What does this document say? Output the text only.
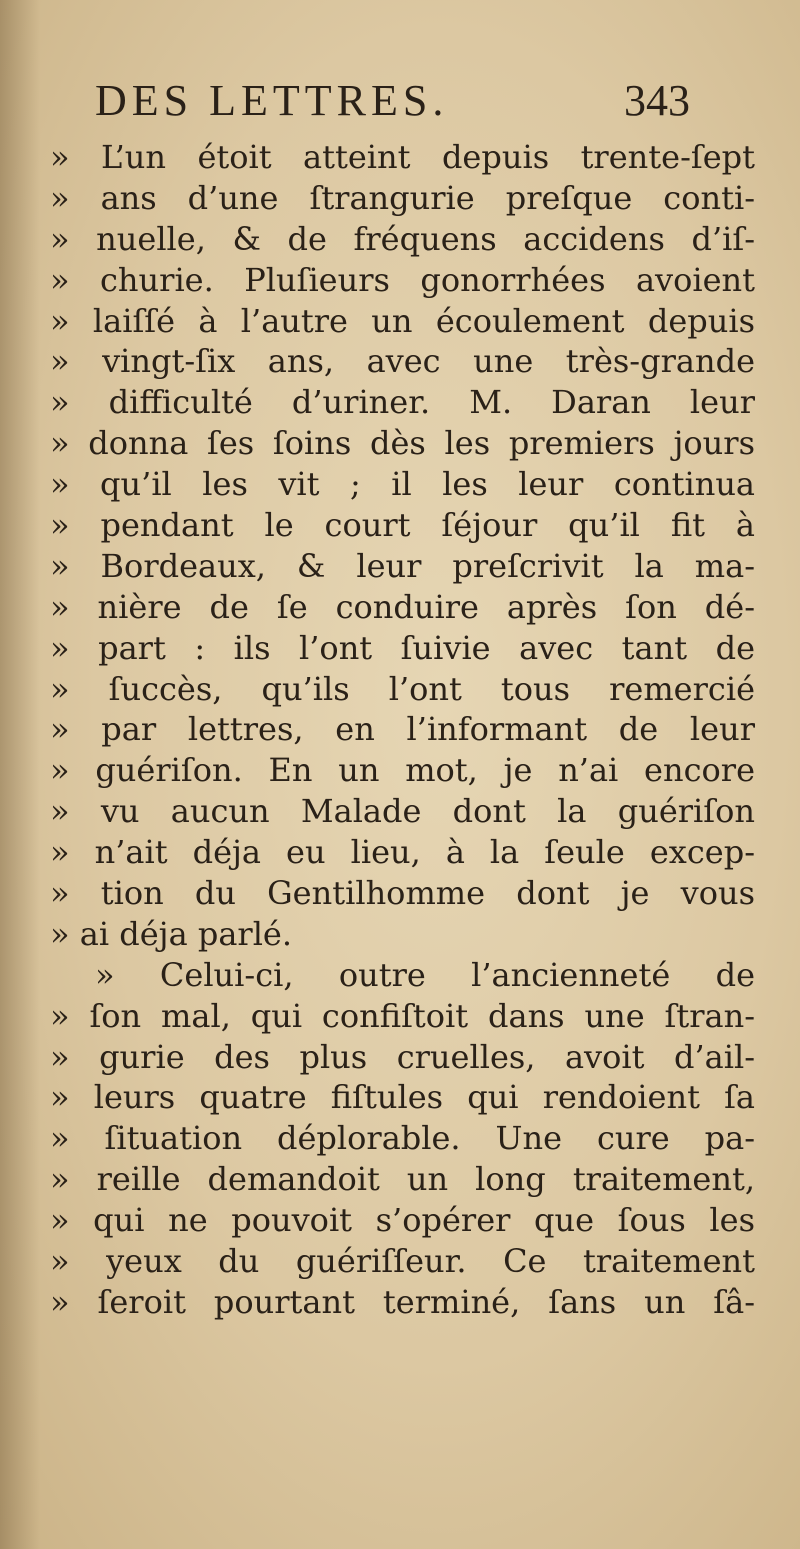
DES LETTRES.	343
» L’un étoit atteint depuis trente-ſept
» ans d’une ſtrangurie preſque conti-
» nuelle, & de fréquens accidens d’iſ-
» churie. Pluſieurs gonorrhées avoient
» laiſſé à l’autre un écoulement depuis
» vingt-ſix ans, avec une très-grande
» difficulté d’uriner. M. Daran leur
» donna ſes ſoins dès les premiers jours
» qu’il les vit ; il les leur continua
» pendant le court ſéjour qu’il fit à
» Bordeaux, & leur preſcrivit la ma-
» nière de ſe conduire après ſon dé-
» part : ils l’ont ſuivie avec tant de
» ſuccès, qu’ils l’ont tous remercié
» par lettres, en l’informant de leur
» guériſon. En un mot, je n’ai encore
» vu aucun Malade dont la guériſon
» n’ait déja eu lieu, à la ſeule excep-
» tion du Gentilhomme dont je vous
» ai déja parlé.
» Celui-ci, outre l’ancienneté de
» ſon mal, qui confiſtoit dans une ſtran-
» gurie des plus cruelles, avoit d’ail-
» leurs quatre fiſtules qui rendoient ſa
» ſituation déplorable. Une cure pa-
» reille demandoit un long traitement,
» qui ne pouvoit s’opérer que ſous les
» yeux du guériſſeur. Ce traitement
» ſeroit pourtant terminé, ſans un ſâ-
